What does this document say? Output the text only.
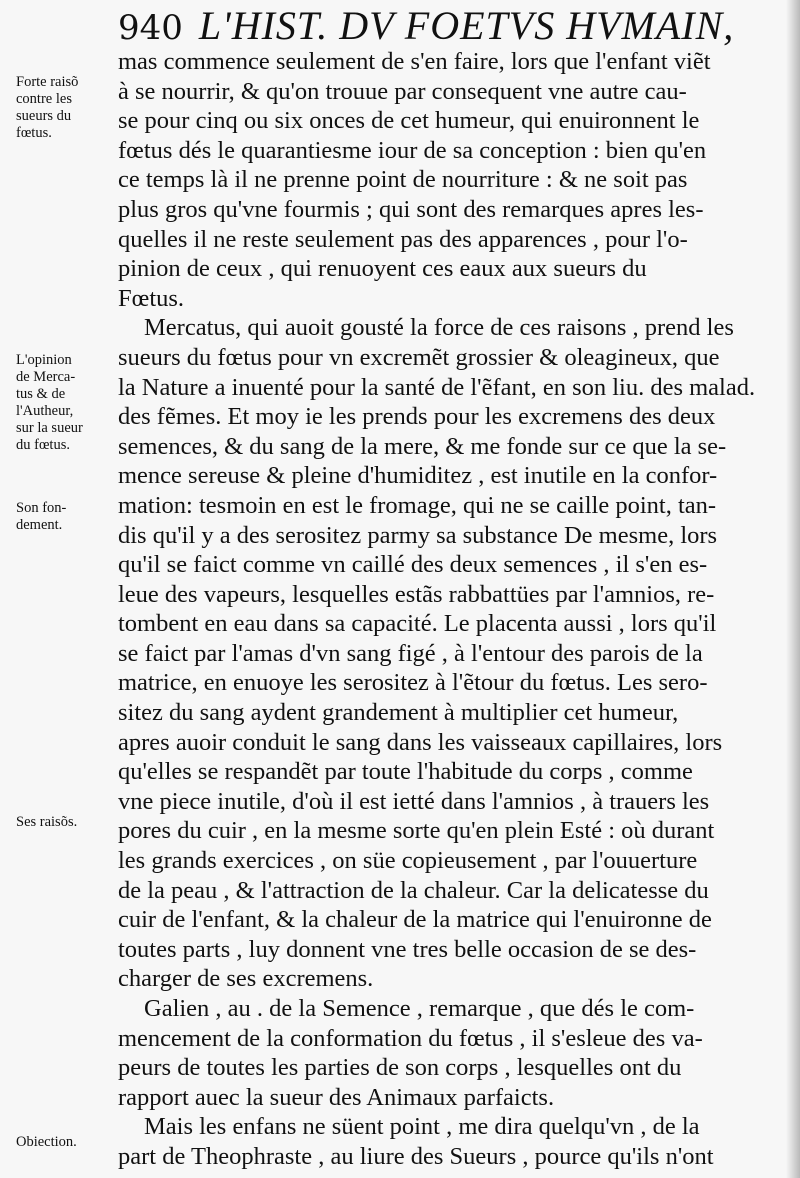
940 L'HIST. DV FOETVS HVMAIN,
Forte raisõ
contre les
sueurs du
fœtus.
L'opinion
de Merca-
tus & de
l'Autheur,
sur la sueur
du fœtus.
Son fon-
dement.
Ses raisõs.
Obiection.

mas commence seulement de s'en faire, lors que l'enfant viẽt
à se nourrir, & qu'on trouue par consequent vne autre cau-
se pour cinq ou six onces de cet humeur, qui enuironnent le
fœtus dés le quarantiesme iour de sa conception : bien qu'en
ce temps là il ne prenne point de nourriture : & ne soit pas
plus gros qu'vne fourmis ; qui sont des remarques apres les-
quelles il ne reste seulement pas des apparences , pour l'o-
pinion de ceux , qui renuoyent ces eaux aux sueurs du
Fœtus.

Mercatus, qui auoit gousté la force de ces raisons , prend les
sueurs du fœtus pour vn excremẽt grossier & oleagineux, que
la Nature a inuenté pour la santé de l'ẽfant, en son liu. des malad.
des fẽmes. Et moy ie les prends pour les excremens des deux
semences, & du sang de la mere, & me fonde sur ce que la se-
mence sereuse & pleine d'humiditez , est inutile en la confor-
mation: tesmoin en est le fromage, qui ne se caille point, tan-
dis qu'il y a des serositez parmy sa substance De mesme, lors
qu'il se faict comme vn caillé des deux semences , il s'en es-
leue des vapeurs, lesquelles estãs rabbattües par l'amnios, re-
tombent en eau dans sa capacité. Le placenta aussi , lors qu'il
se faict par l'amas d'vn sang figé , à l'entour des parois de la
matrice, en enuoye les serositez à l'ẽtour du fœtus. Les sero-
sitez du sang aydent grandement à multiplier cet humeur,
apres auoir conduit le sang dans les vaisseaux capillaires, lors
qu'elles se respandẽt par toute l'habitude du corps , comme
vne piece inutile, d'où il est ietté dans l'amnios , à trauers les
pores du cuir , en la mesme sorte qu'en plein Esté : où durant
les grands exercices , on süe copieusement , par l'ouuerture
de la peau , & l'attraction de la chaleur. Car la delicatesse du
cuir de l'enfant, & la chaleur de la matrice qui l'enuironne de
toutes parts , luy donnent vne tres belle occasion de se des-
charger de ses excremens.

Galien , au . de la Semence , remarque , que dés le com-
mencement de la conformation du fœtus , il s'esleue des va-
peurs de toutes les parties de son corps , lesquelles ont du
rapport auec la sueur des Animaux parfaicts.

Mais les enfans ne süent point , me dira quelqu'vn , de la
part de Theophraste , au liure des Sueurs , pource qu'ils n'ont
